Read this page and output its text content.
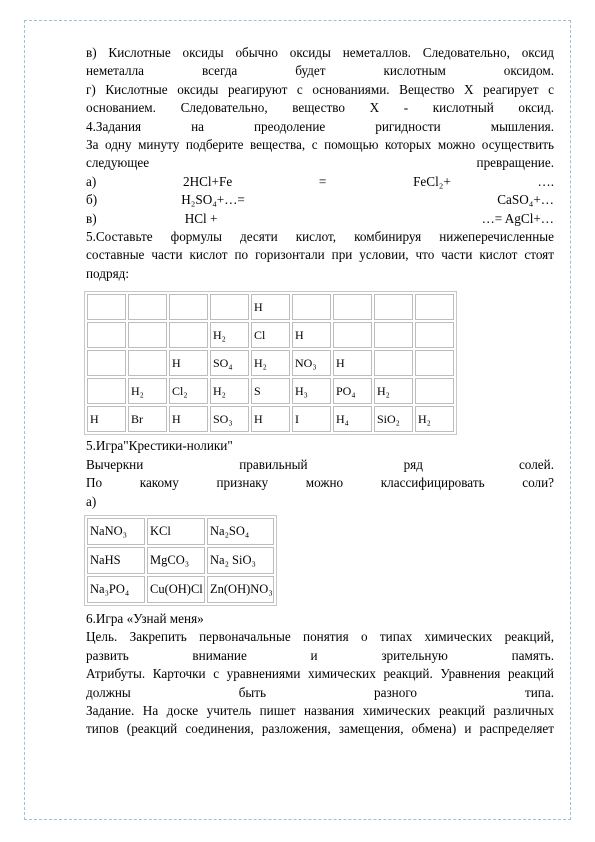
в) Кислотные оксиды обычно оксиды неметаллов. Следовательно, оксид

неметалла всегда будет кислотным оксидом.

г) Кислотные оксиды реагируют с основаниями. Вещество Х реагирует с

основанием. Следовательно, вещество Х - кислотный оксид.

4.Задания на преодоление ригидности мышления.

За одну минуту подберите вещества, с помощью которых можно осуществить

следующее превращение.

а)	2HCl+Fe	=	FeCl₂+	….
б)	H₂SO₄+…=	CaSO₄+…
в)	HCl +	…= AgCl+…

5.Составьте формулы десяти кислот, комбинируя нижеперечисленные

составные части кислот по горизонтали при условии, что части кислот стоят

подряд:

				H				
			H₂	Cl	H			
		H	SO₄	H₂	NO₃	H		
	H₂	Cl₂	H₂	S	H₃	PO₄	H₂	
H	Br	H	SO₃	H	I	H₄	SiO₂	H₂

5.Игра"Крестики-нолики"

Вычеркни правильный ряд солей.

По какому признаку можно классифицировать соли?

а)

NaNO₃	KCl	Na₂SO₄
NaHS	MgCO₃	Na₂ SiO₃
Na₃PO₄	Cu(OH)Cl	Zn(OH)NO₃

6.Игра «Узнай меня»

Цель. Закрепить первоначальные понятия о типах химических реакций,

развить внимание и зрительную память.

Атрибуты. Карточки с уравнениями химических реакций. Уравнения реакций

должны быть разного типа.

Задание. На доске учитель пишет названия химических реакций различных

типов (реакций соединения, разложения, замещения, обмена) и распределяет
